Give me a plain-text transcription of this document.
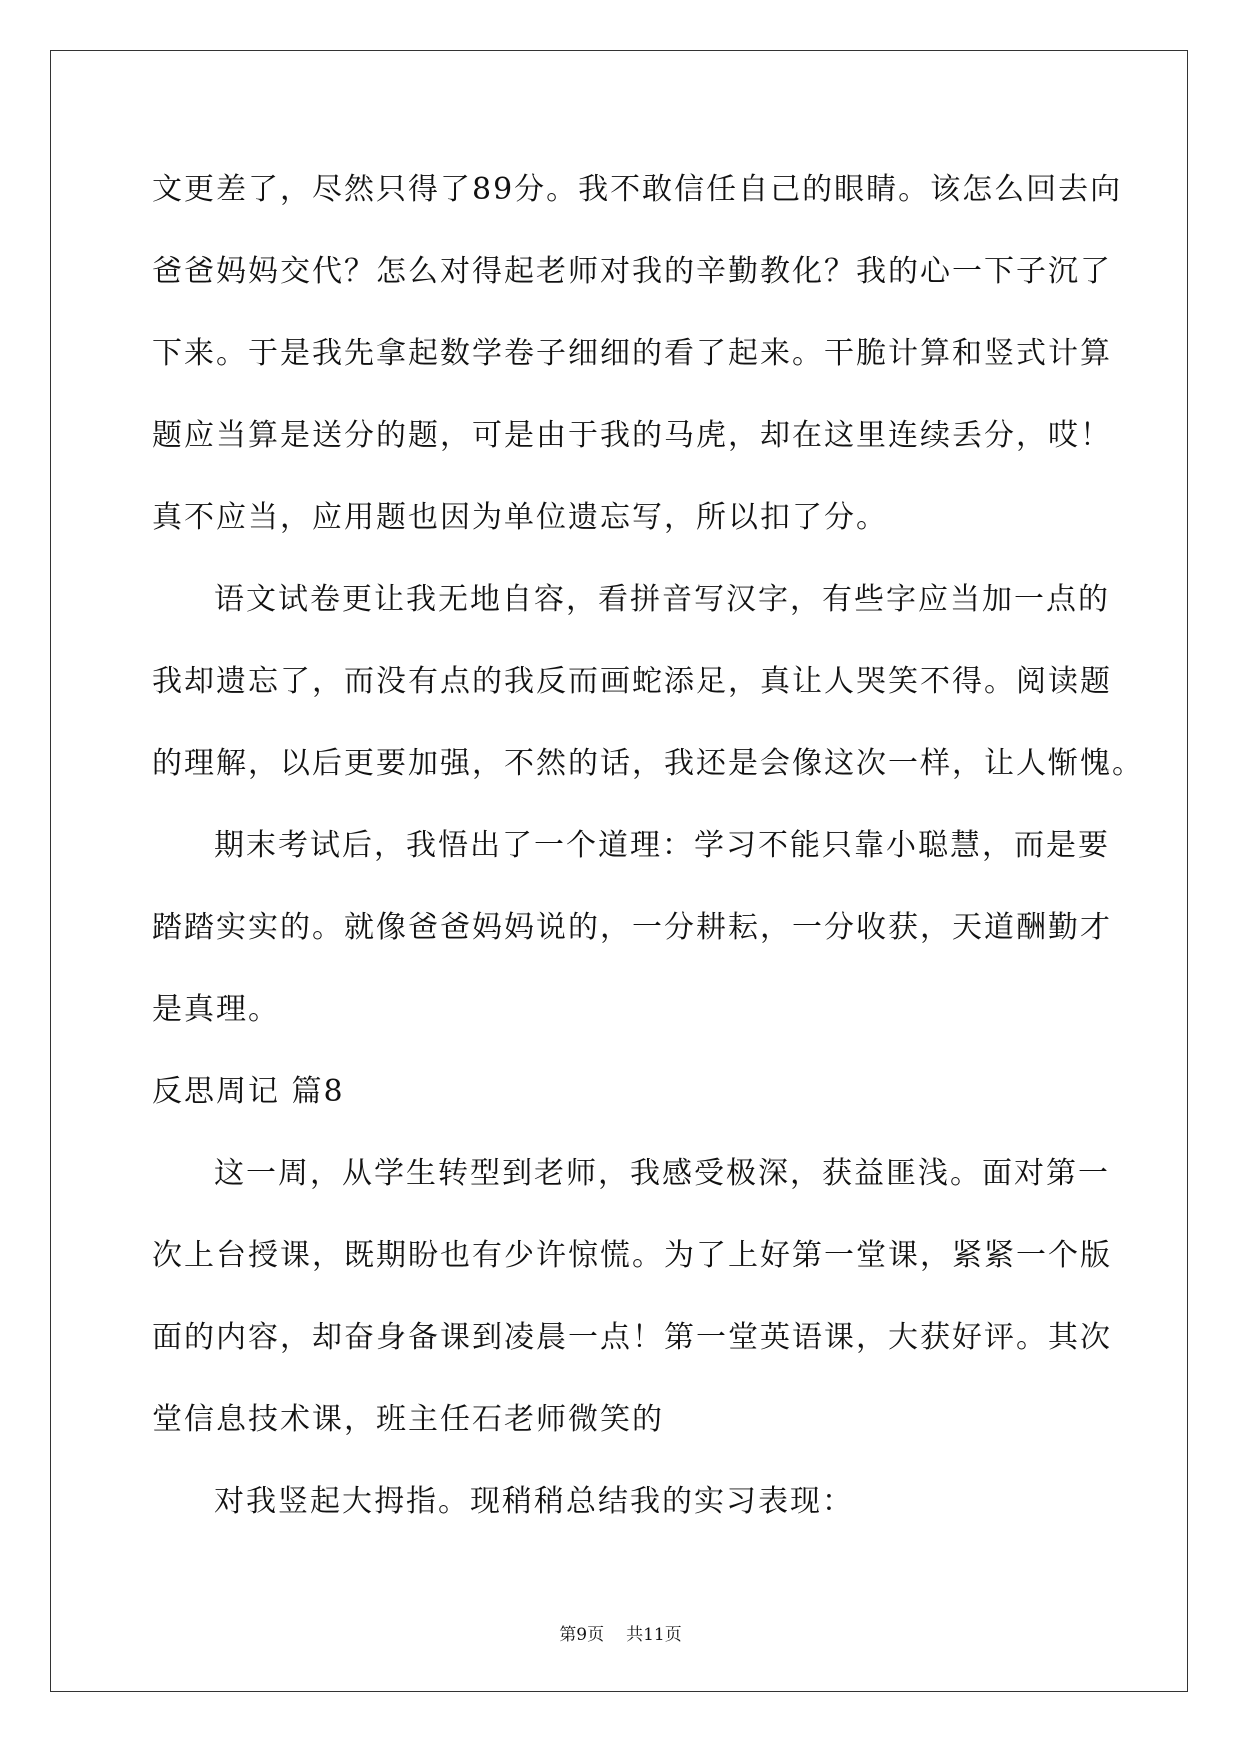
文更差了，尽然只得了89分。我不敢信任自己的眼睛。该怎么回去向
爸爸妈妈交代？怎么对得起老师对我的辛勤教化？我的心一下子沉了
下来。于是我先拿起数学卷子细细的看了起来。干脆计算和竖式计算
题应当算是送分的题，可是由于我的马虎，却在这里连续丢分，哎！
真不应当，应用题也因为单位遗忘写，所以扣了分。
语文试卷更让我无地自容，看拼音写汉字，有些字应当加一点的
我却遗忘了，而没有点的我反而画蛇添足，真让人哭笑不得。阅读题
的理解，以后更要加强，不然的话，我还是会像这次一样，让人惭愧。
期末考试后，我悟出了一个道理：学习不能只靠小聪慧，而是要
踏踏实实的。就像爸爸妈妈说的，一分耕耘，一分收获，天道酬勤才
是真理。
反思周记 篇8
这一周，从学生转型到老师，我感受极深，获益匪浅。面对第一
次上台授课，既期盼也有少许惊慌。为了上好第一堂课，紧紧一个版
面的内容，却奋身备课到凌晨一点！第一堂英语课，大获好评。其次
堂信息技术课，班主任石老师微笑的
对我竖起大拇指。现稍稍总结我的实习表现：
第9页 共11页
